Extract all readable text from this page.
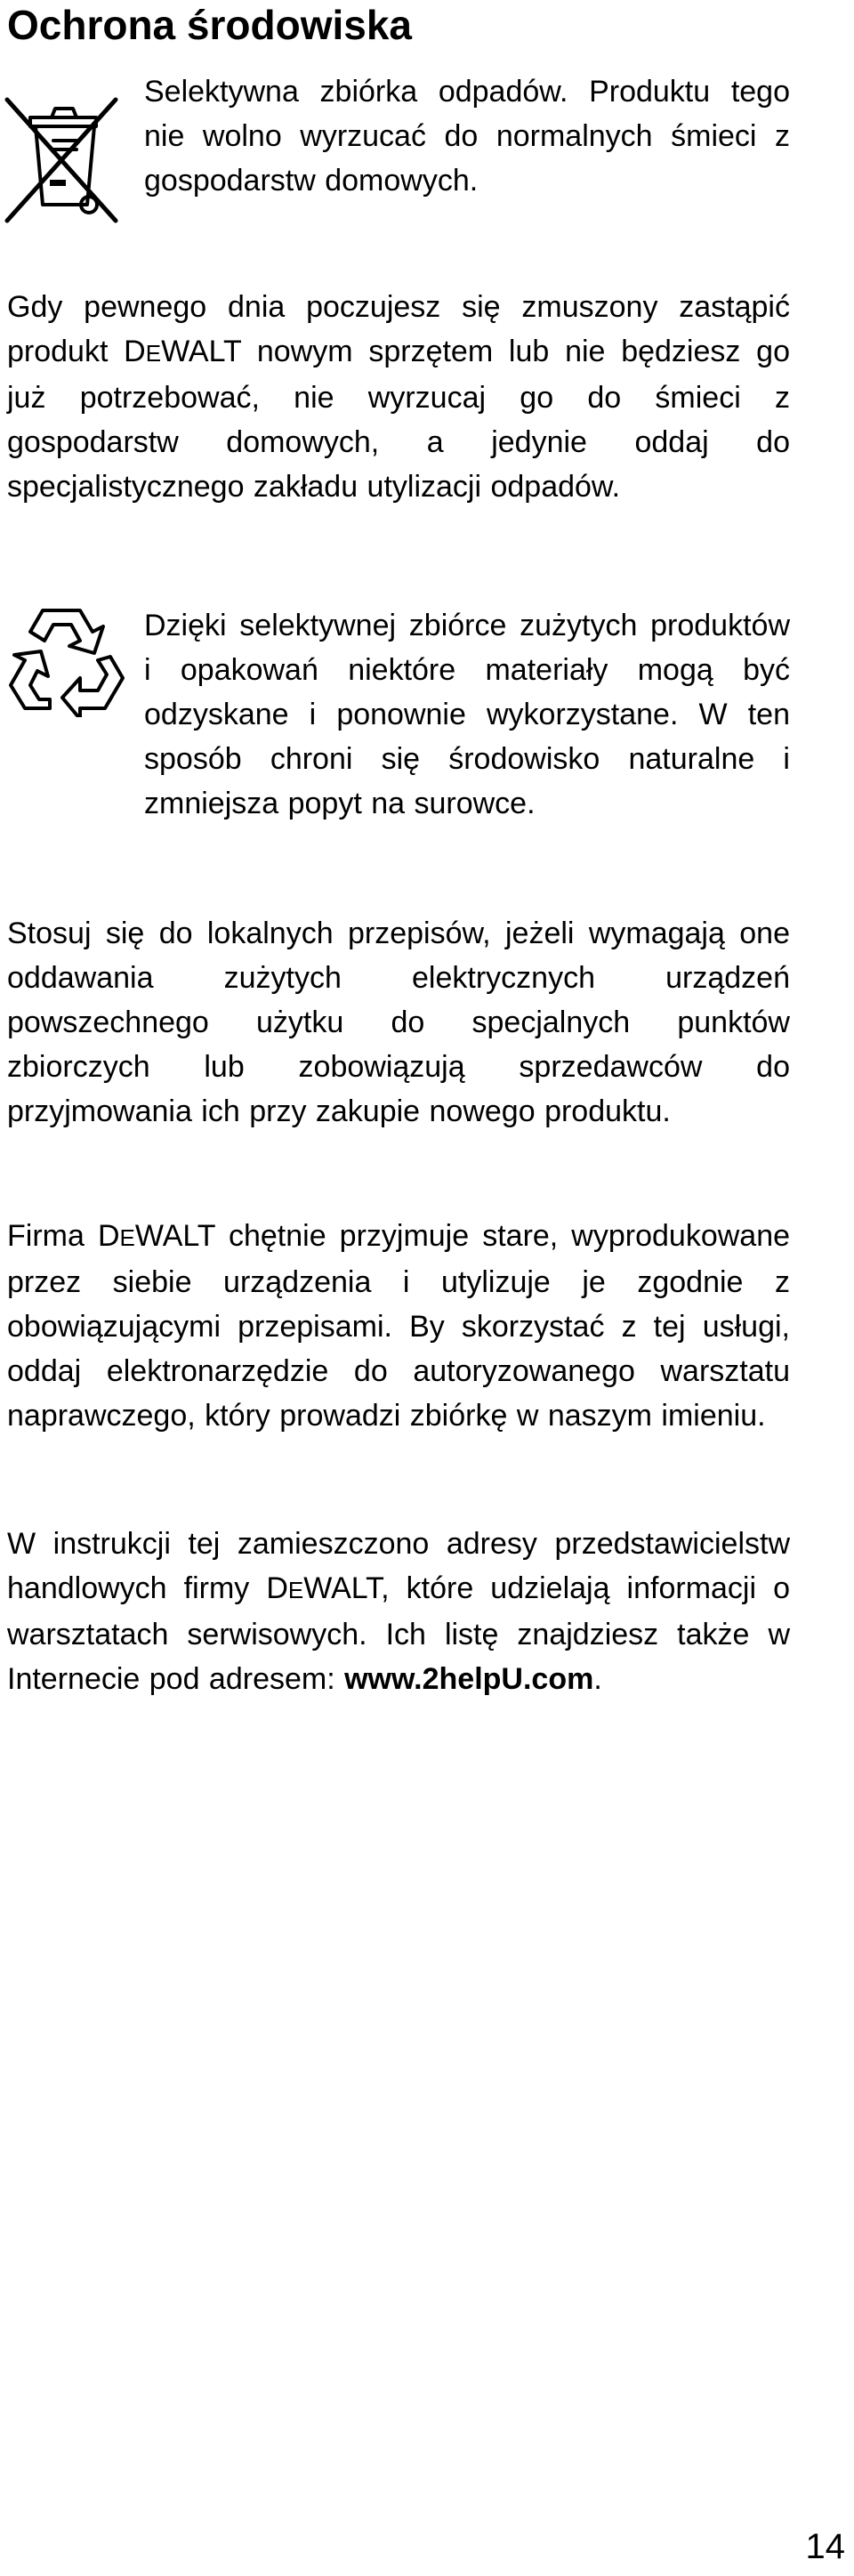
Ochrona środowiska

Selektywna zbiórka odpadów. Produktu tego nie wolno wyrzucać do normalnych śmieci z gospodarstw domowych.

Gdy pewnego dnia poczujesz się zmuszony zastąpić produkt DEWALT nowym sprzętem lub nie będziesz go już potrzebować, nie wyrzucaj go do śmieci z gospodarstw domowych, a jedynie oddaj do specjalistycznego zakładu utylizacji odpadów.

Dzięki selektywnej zbiórce zużytych produktów i opakowań niektóre materiały mogą być odzyskane i ponownie wykorzystane. W ten sposób chroni się środowisko naturalne i zmniejsza popyt na surowce.

Stosuj się do lokalnych przepisów, jeżeli wymagają one oddawania zużytych elektrycznych urządzeń powszechnego użytku do specjalnych punktów zbiorczych lub zobowiązują sprzedawców do przyjmowania ich przy zakupie nowego produktu.

Firma DEWALT chętnie przyjmuje stare, wyprodukowane przez siebie urządzenia i utylizuje je zgodnie z obowiązującymi przepisami. By skorzystać z tej usługi, oddaj elektronarzędzie do autoryzowanego warsztatu naprawczego, który prowadzi zbiórkę w naszym imieniu.

W instrukcji tej zamieszczono adresy przedstawicielstw handlowych firmy DEWALT, które udzielają informacji o warsztatach serwisowych. Ich listę znajdziesz także w Internecie pod adresem: www.2helpU.com.

14
